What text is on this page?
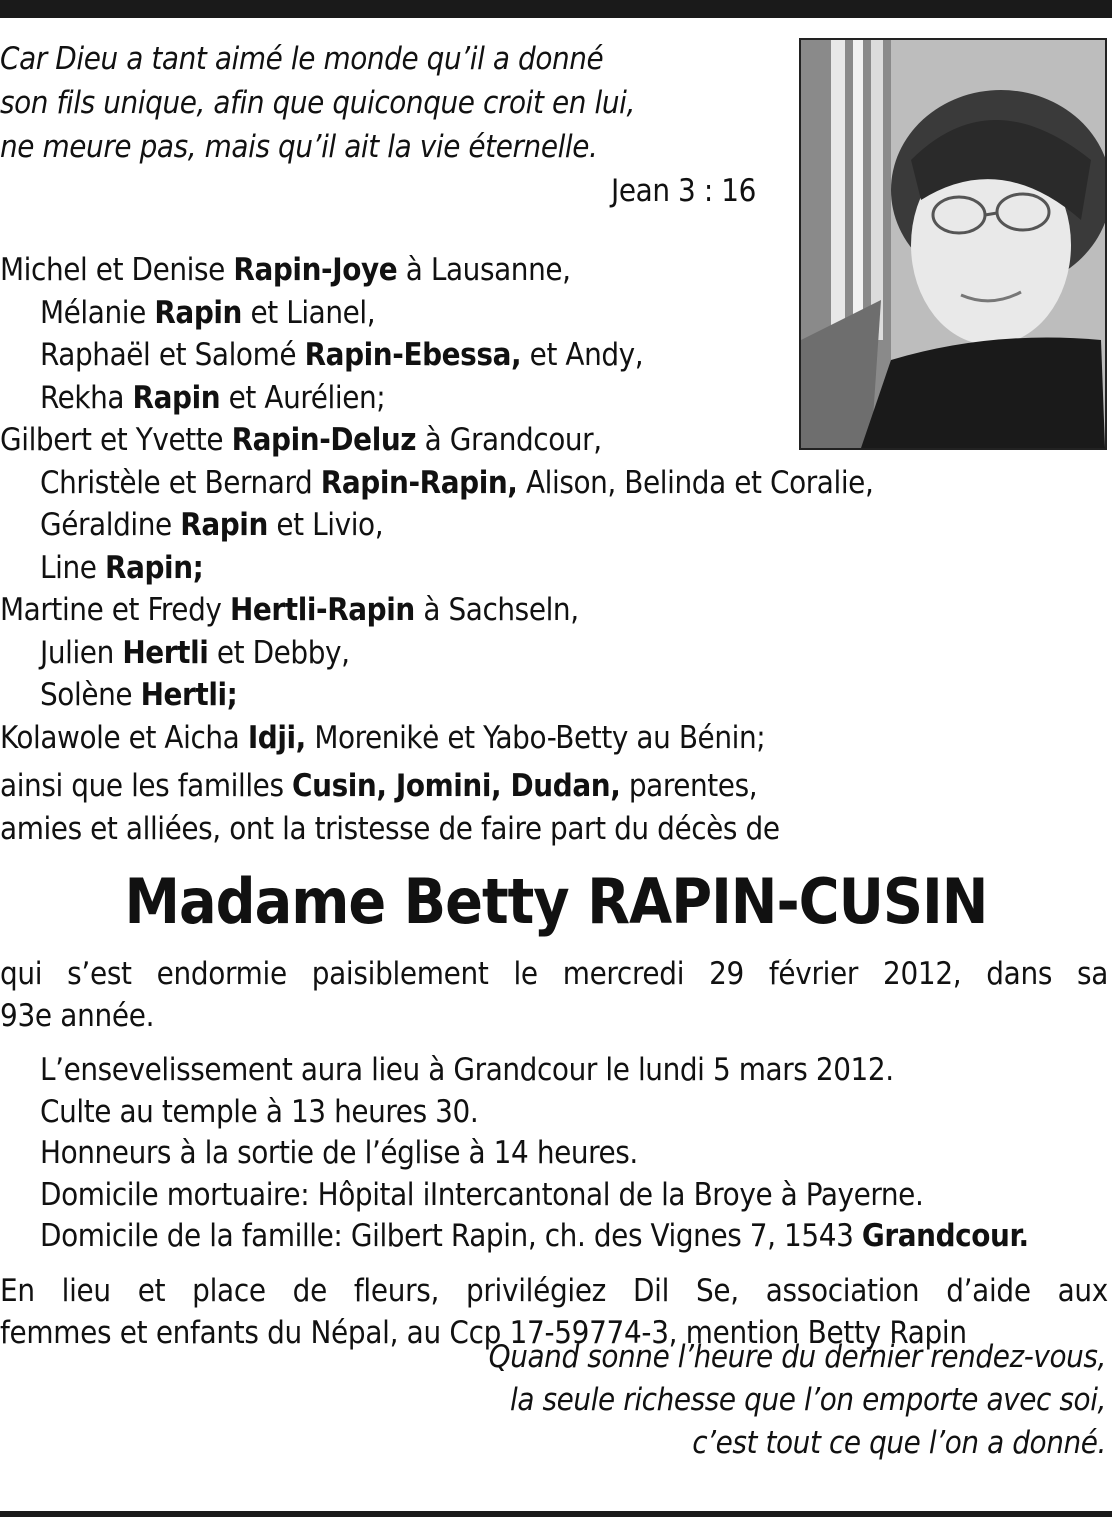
Car Dieu a tant aimé le monde qu’il a donné
son fils unique, afin que quiconque croit en lui,
ne meure pas, mais qu’il ait la vie éternelle.
Jean 3 : 16
Michel et Denise Rapin-Joye à Lausanne,
Mélanie Rapin et Lianel,
Raphaël et Salomé Rapin-Ebessa, et Andy,
Rekha Rapin et Aurélien;
Gilbert et Yvette Rapin-Deluz à Grandcour,
Christèle et Bernard Rapin-Rapin, Alison, Belinda et Coralie,
Géraldine Rapin et Livio,
Line Rapin;
Martine et Fredy Hertli-Rapin à Sachseln,
Julien Hertli et Debby,
Solène Hertli;
Kolawole et Aicha Idji, Morenikė et Yabo-Betty au Bénin;
ainsi que les familles Cusin, Jomini, Dudan, parentes,
amies et alliées, ont la tristesse de faire part du décès de
Madame Betty RAPIN-CUSIN
qui s’est endormie paisiblement le mercredi 29 février 2012, dans sa
93e année.
L’ensevelissement aura lieu à Grandcour le lundi 5 mars 2012.
Culte au temple à 13 heures 30.
Honneurs à la sortie de l’église à 14 heures.
Domicile mortuaire: Hôpital iIntercantonal de la Broye à Payerne.
Domicile de la famille: Gilbert Rapin, ch. des Vignes 7, 1543 Grandcour.
En lieu et place de fleurs, privilégiez Dil Se, association d’aide aux
femmes et enfants du Népal, au Ccp 17-59774-3, mention Betty Rapin
Quand sonne l’heure du dernier rendez-vous,
la seule richesse que l’on emporte avec soi,
c’est tout ce que l’on a donné.
